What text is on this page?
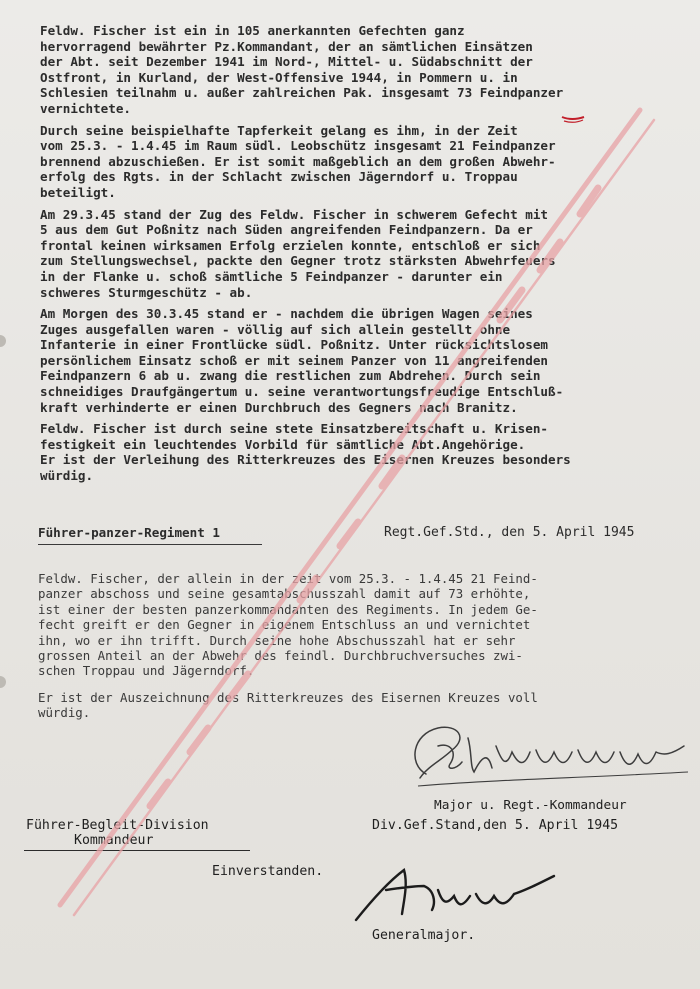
Feldw. Fischer ist ein in 105 anerkannten Gefechten ganz
hervorragend bewährter Pz.Kommandant, der an sämtlichen Einsätzen
der Abt. seit Dezember 1941 im Nord-, Mittel- u. Südabschnitt der
Ostfront, in Kurland, der West-Offensive 1944, in Pommern u. in
Schlesien teilnahm u. außer zahlreichen Pak. insgesamt 73 Feindpanzer
vernichtete.

Durch seine beispielhafte Tapferkeit gelang es ihm, in der Zeit
vom 25.3. - 1.4.45 im Raum südl. Leobschütz insgesamt 21 Feindpanzer
brennend abzuschießen. Er ist somit maßgeblich an dem großen Abwehr-
erfolg des Rgts. in der Schlacht zwischen Jägerndorf u. Troppau
beteiligt.

Am 29.3.45 stand der Zug des Feldw. Fischer in schwerem Gefecht mit
5 aus dem Gut Poßnitz nach Süden angreifenden Feindpanzern. Da er
frontal keinen wirksamen Erfolg erzielen konnte, entschloß er sich
zum Stellungswechsel, packte den Gegner trotz stärksten Abwehrfeuers
in der Flanke u. schoß sämtliche 5 Feindpanzer - darunter ein
schweres Sturmgeschütz - ab.

Am Morgen des 30.3.45 stand er - nachdem die übrigen Wagen seines
Zuges ausgefallen waren - völlig auf sich allein gestellt ohne
Infanterie in einer Frontlücke südl. Poßnitz. Unter rücksichtslosem
persönlichem Einsatz schoß er mit seinem Panzer von 11 angreifenden
Feindpanzern 6 ab u. zwang die restlichen zum Abdrehen. Durch sein
schneidiges Draufgängertum u. seine verantwortungsfreudige Entschluß-
kraft verhinderte er einen Durchbruch des Gegners nach Branitz.

Feldw. Fischer ist durch seine stete Einsatzbereitschaft u. Krisen-
festigkeit ein leuchtendes Vorbild für sämtliche Abt.Angehörige.
Er ist der Verleihung des Ritterkreuzes des Eisernen Kreuzes besonders
würdig.

Führer-panzer-Regiment 1	Regt.Gef.Std., den 5. April 1945

Feldw. Fischer, der allein in der zeit vom 25.3. - 1.4.45 21 Feind-
panzer abschoss und seine gesamtabschusszahl damit auf 73 erhöhte,
ist einer der besten panzerkommandanten des Regiments. In jedem Ge-
fecht greift er den Gegner in eigenem Entschluss an und vernichtet
ihn, wo er ihn trifft. Durch seine hohe Abschusszahl hat er sehr
grossen Anteil an der Abwehr des feindl. Durchbruchversuches zwi-
schen Troppau und Jägerndorf.

Er ist der Auszeichnung des Ritterkreuzes des Eisernen Kreuzes voll
würdig.

Major u. Regt.-Kommandeur
Führer-Begleit-Division
Kommandeur
Div.Gef.Stand,den 5. April 1945
Einverstanden.
Generalmajor.
